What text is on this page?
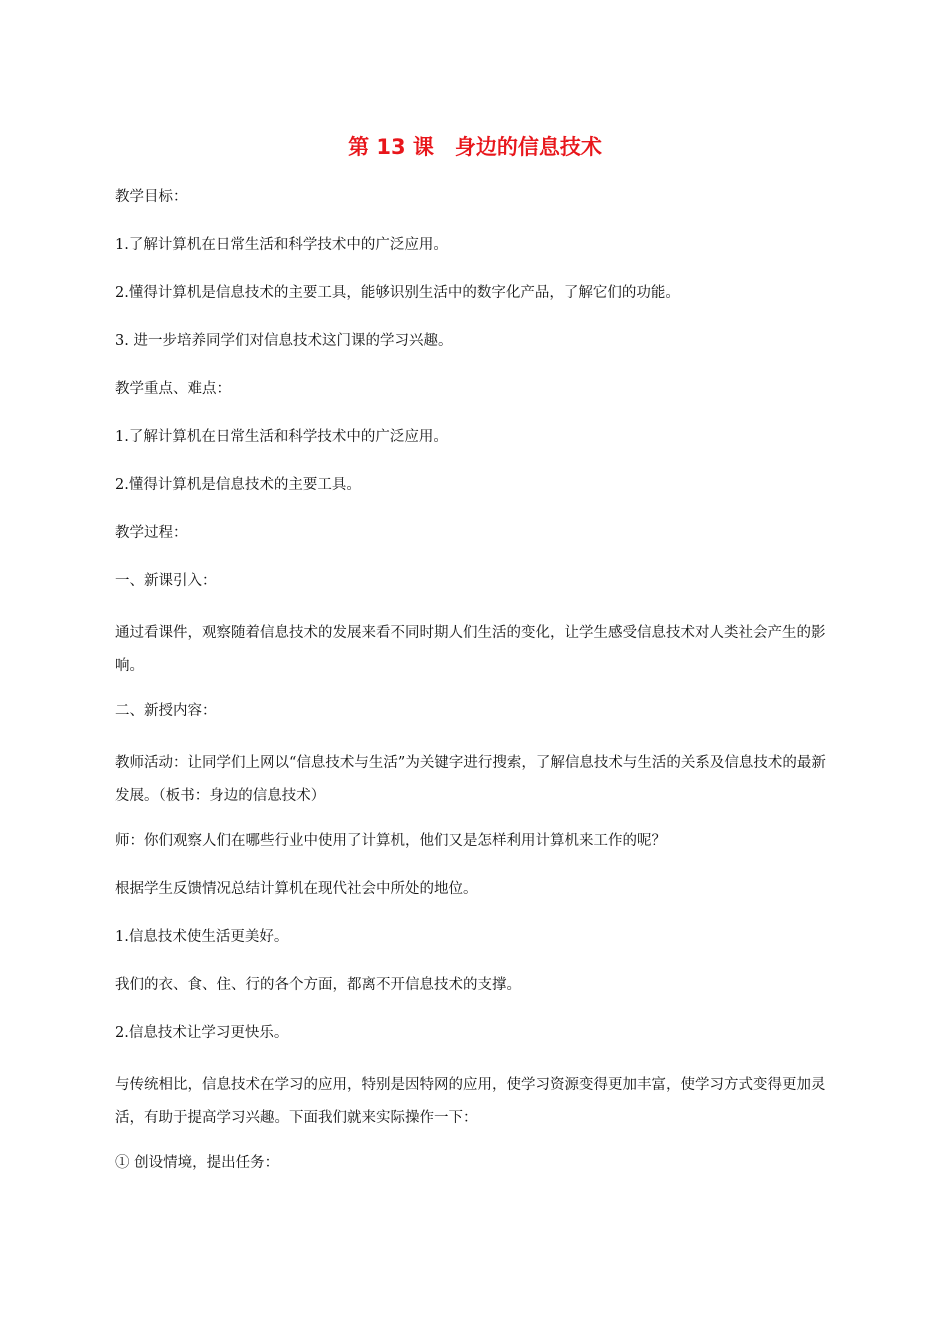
第 13 课　身边的信息技术

教学目标：

1.了解计算机在日常生活和科学技术中的广泛应用。

2.懂得计算机是信息技术的主要工具，能够识别生活中的数字化产品，了解它们的功能。

3. 进一步培养同学们对信息技术这门课的学习兴趣。

教学重点、难点：

1.了解计算机在日常生活和科学技术中的广泛应用。

2.懂得计算机是信息技术的主要工具。

教学过程：

一、新课引入：

通过看课件，观察随着信息技术的发展来看不同时期人们生活的变化，让学生感受信息技术对人类社会产生的影响。

二、新授内容：

教师活动：让同学们上网以“信息技术与生活”为关键字进行搜索，了解信息技术与生活的关系及信息技术的最新发展。（板书：身边的信息技术）

师：你们观察人们在哪些行业中使用了计算机，他们又是怎样利用计算机来工作的呢？

根据学生反馈情况总结计算机在现代社会中所处的地位。

1.信息技术使生活更美好。

我们的衣、食、住、行的各个方面，都离不开信息技术的支撑。

2.信息技术让学习更快乐。

与传统相比，信息技术在学习的应用，特别是因特网的应用，使学习资源变得更加丰富，使学习方式变得更加灵活，有助于提高学习兴趣。下面我们就来实际操作一下：

① 创设情境，提出任务：
